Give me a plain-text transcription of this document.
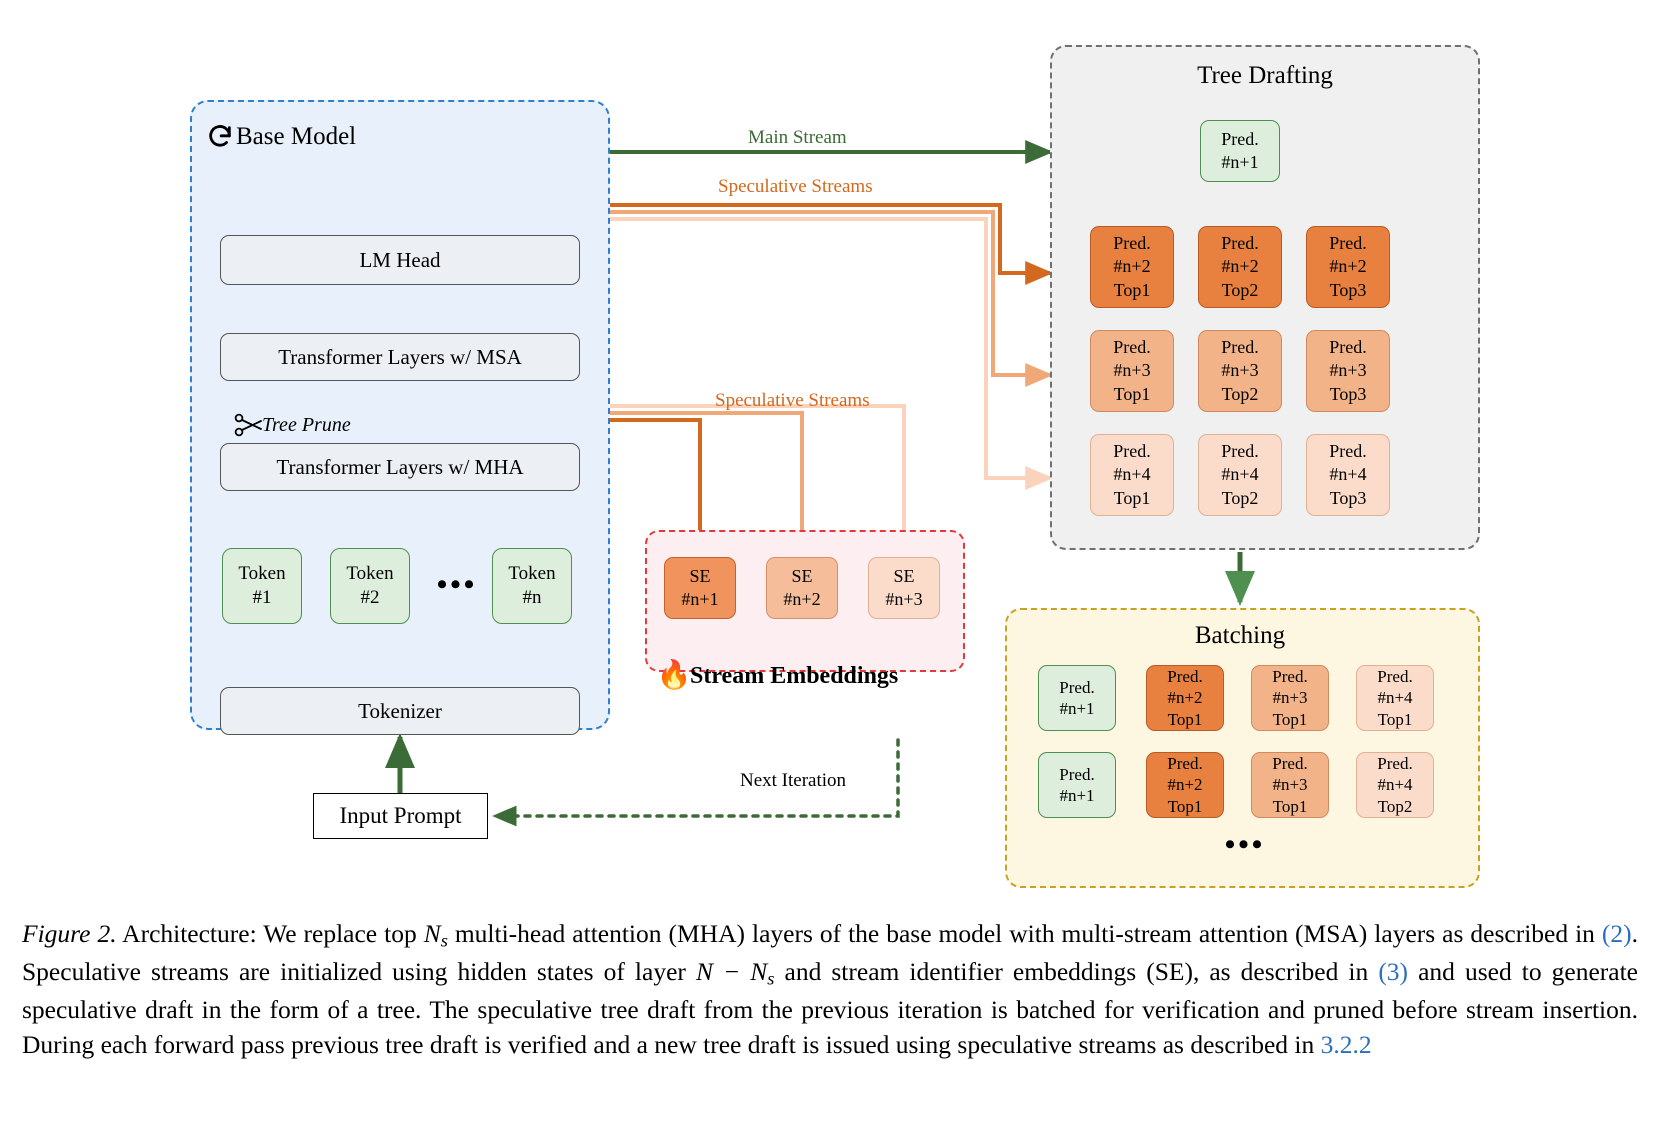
Base Model
LM Head
Transformer Layers w/ MSA
Transformer Layers w/ MHA
Tokenizer
Tree Prune
Token
#1
Token
#2 •••	Token
#n
Input Prompt
SE
#n+1
SE
#n+2
SE
#n+3
🔥
Stream Embeddings
Tree Drafting
Pred.
#n+1
Pred.
#n+2
Top1
Pred.
#n+2
Top2
Pred.
#n+2
Top3
Pred.
#n+3
Top1
Pred.
#n+3
Top2
Pred.
#n+3
Top3
Pred.
#n+4
Top1
Pred.
#n+4
Top2
Pred.
#n+4
Top3
Batching
Pred.
#n+1
Pred.
#n+2
Top1
Pred.
#n+3
Top1
Pred.
#n+4
Top1
Pred.
#n+1
Pred.
#n+2
Top1
Pred.
#n+3
Top1
Pred.
#n+4
Top2
•••
Main Stream
Speculative Streams
Speculative Streams
Next Iteration
Figure 2. Architecture: We replace top $N_s$ multi-head attention (MHA) layers of the base model with multi-stream attention (MSA) layers as described in (2). Speculative streams are initialized using hidden states of layer $N - N_s$ and stream identifier embeddings (SE), as described in (3) and used to generate speculative draft in the form of a tree. The speculative tree draft from the previous iteration is batched for verification and pruned before stream insertion. During each forward pass previous tree draft is verified and a new tree draft is issued using speculative streams as described in 3.2.2
